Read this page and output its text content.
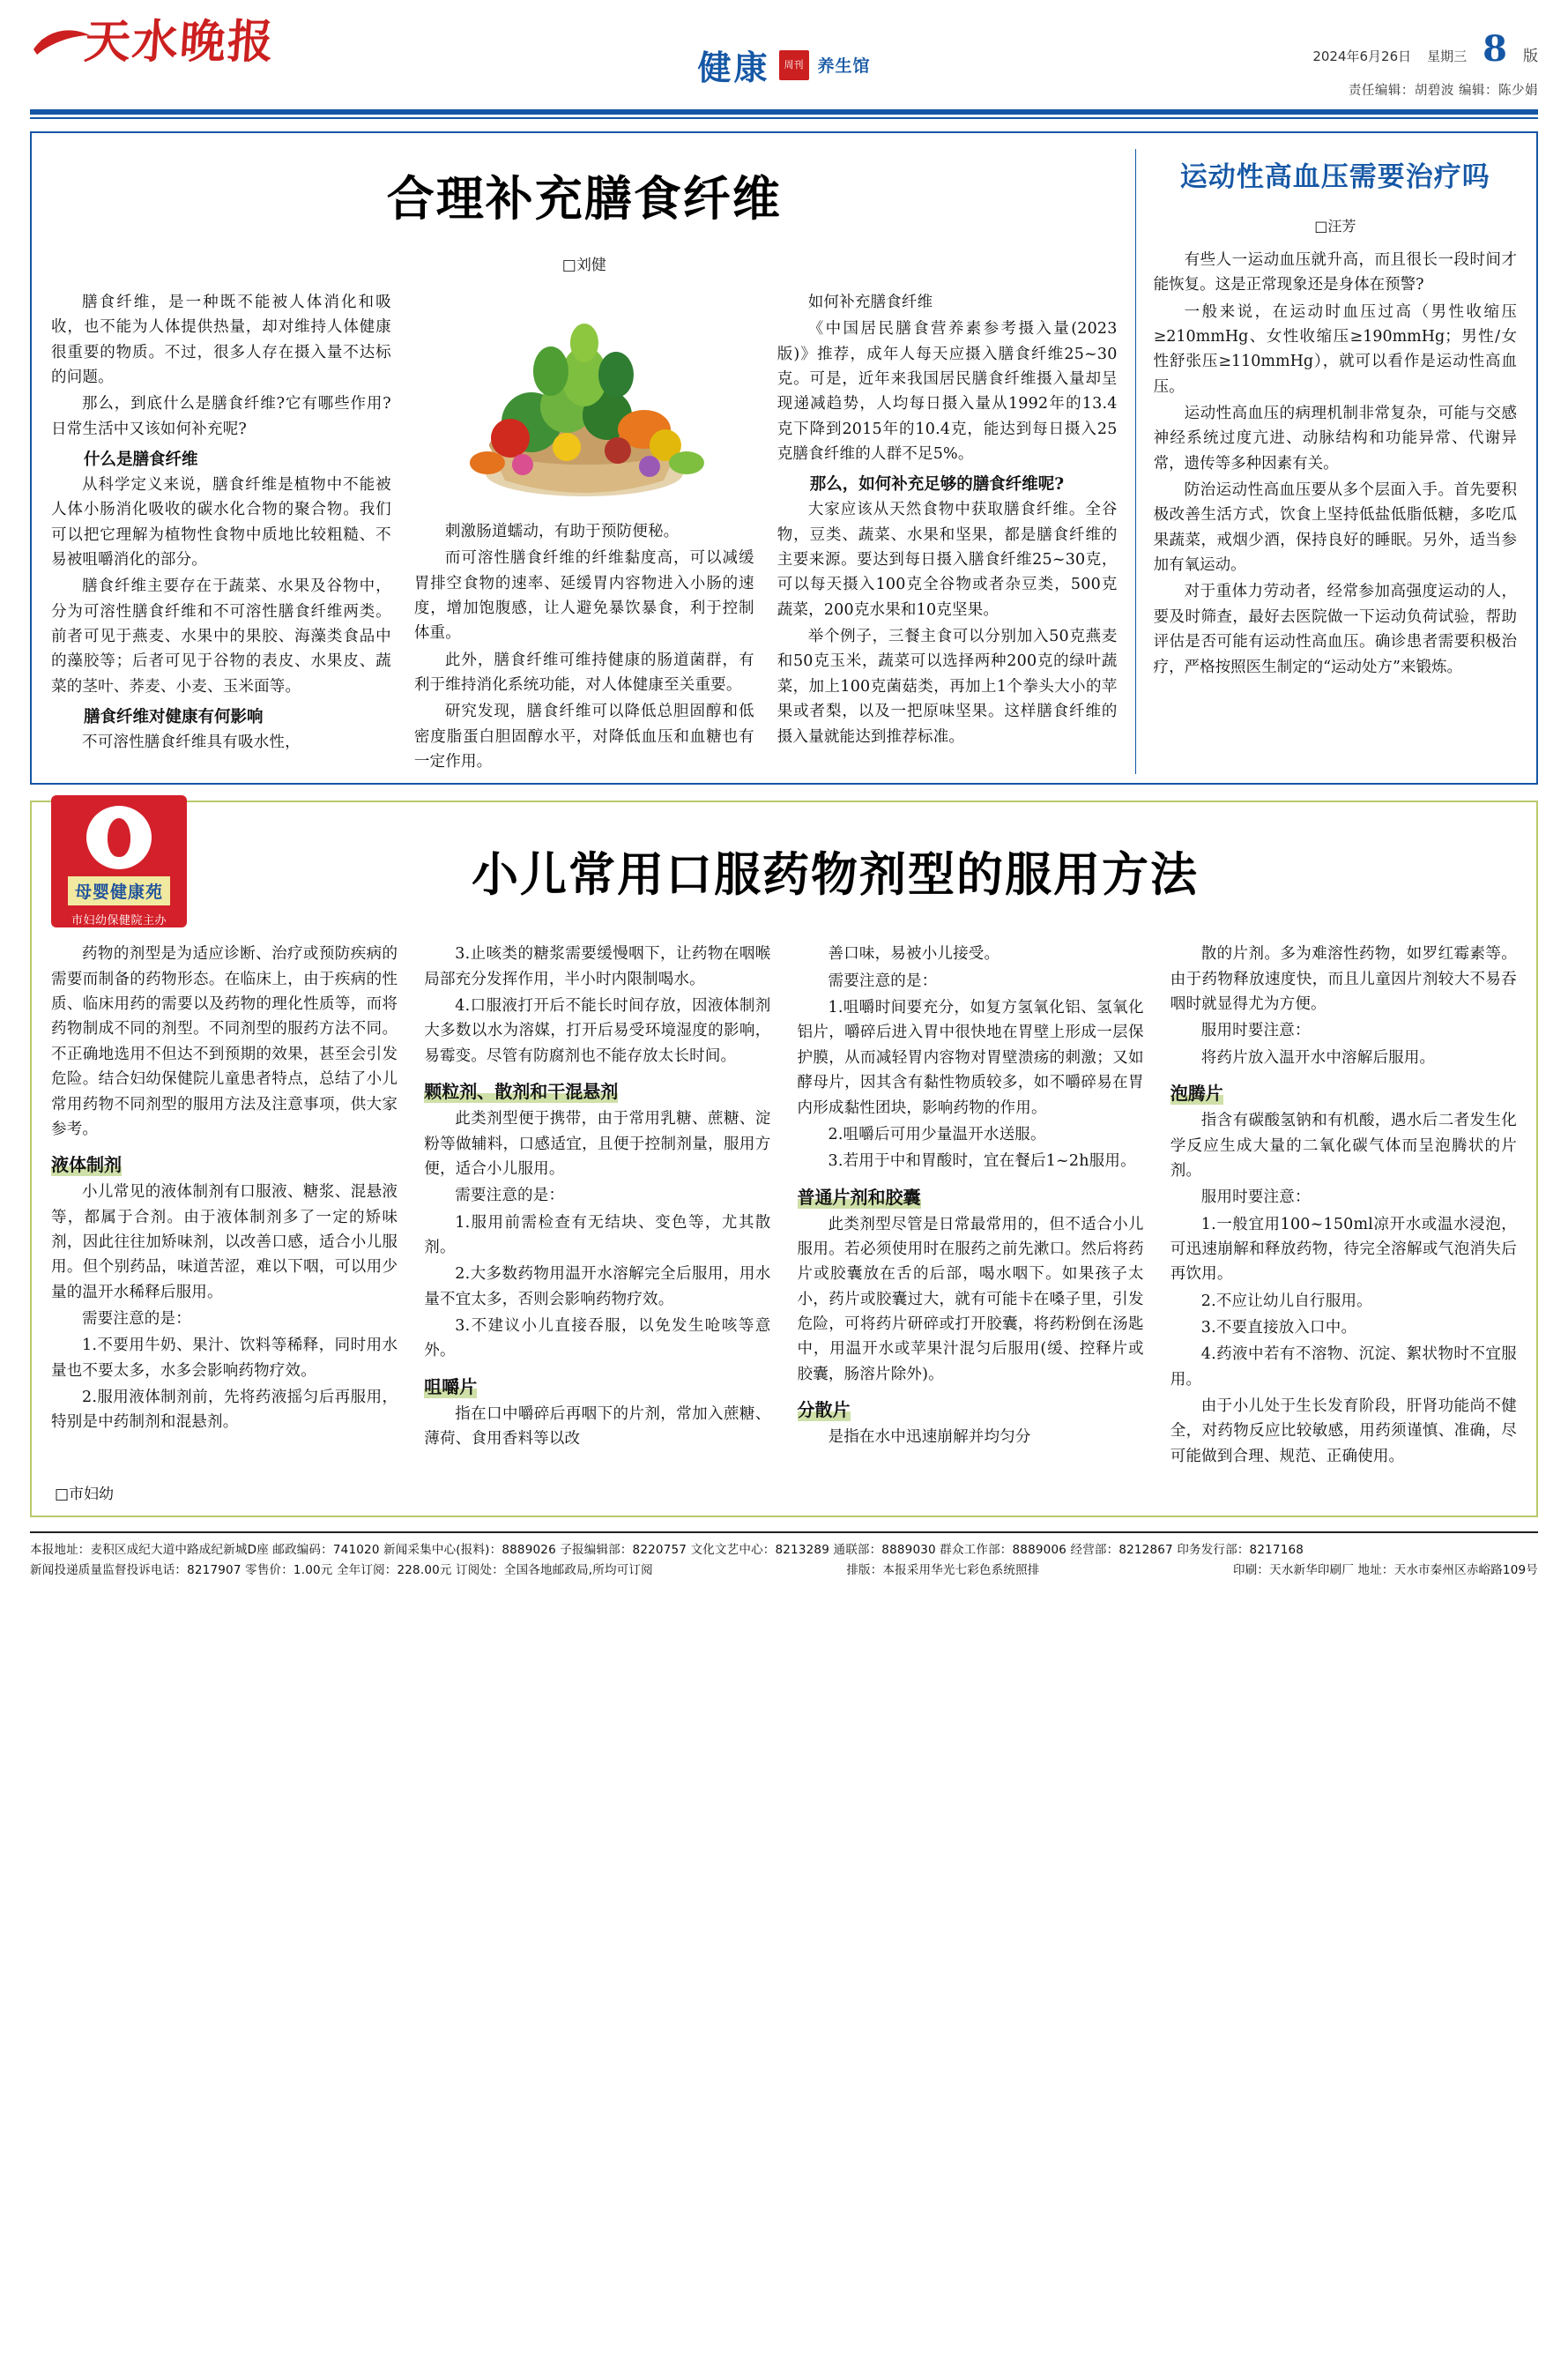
天水晚报	健康	周刊 养生馆	2024年6月26日 星期三 8 版
责任编辑：胡碧波 编辑：陈少娟
合理补充膳食纤维
□刘健

膳食纤维，是一种既不能被人体消化和吸收，也不能为人体提供热量，却对维持人体健康很重要的物质。不过，很多人存在摄入量不达标的问题。

那么，到底什么是膳食纤维?它有哪些作用?日常生活中又该如何补充呢?

什么是膳食纤维

从科学定义来说，膳食纤维是植物中不能被人体小肠消化吸收的碳水化合物的聚合物。我们可以把它理解为植物性食物中质地比较粗糙、不易被咀嚼消化的部分。

膳食纤维主要存在于蔬菜、水果及谷物中，分为可溶性膳食纤维和不可溶性膳食纤维两类。前者可见于燕麦、水果中的果胶、海藻类食品中的藻胶等；后者可见于谷物的表皮、水果皮、蔬菜的茎叶、荞麦、小麦、玉米面等。

膳食纤维对健康有何影响

不可溶性膳食纤维具有吸水性，

刺激肠道蠕动，有助于预防便秘。

而可溶性膳食纤维的纤维黏度高，可以减缓胃排空食物的速率、延缓胃内容物进入小肠的速度，增加饱腹感，让人避免暴饮暴食，利于控制体重。

此外，膳食纤维可维持健康的肠道菌群，有利于维持消化系统功能，对人体健康至关重要。

研究发现，膳食纤维可以降低总胆固醇和低密度脂蛋白胆固醇水平，对降低血压和血糖也有一定作用。

如何补充膳食纤维

《中国居民膳食营养素参考摄入量(2023版)》推荐，成年人每天应摄入膳食纤维25~30克。可是，近年来我国居民膳食纤维摄入量却呈现递减趋势，人均每日摄入量从1992年的13.4克下降到2015年的10.4克，能达到每日摄入25克膳食纤维的人群不足5%。

那么，如何补充足够的膳食纤维呢?

大家应该从天然食物中获取膳食纤维。全谷物，豆类、蔬菜、水果和坚果，都是膳食纤维的主要来源。要达到每日摄入膳食纤维25~30克，可以每天摄入100克全谷物或者杂豆类，500克蔬菜，200克水果和10克坚果。

举个例子，三餐主食可以分别加入50克燕麦和50克玉米，蔬菜可以选择两种200克的绿叶蔬菜，加上100克菌菇类，再加上1个拳头大小的苹果或者梨，以及一把原味坚果。这样膳食纤维的摄入量就能达到推荐标准。

运动性高血压需要治疗吗
□汪芳

有些人一运动血压就升高，而且很长一段时间才能恢复。这是正常现象还是身体在预警?

一般来说，在运动时血压过高（男性收缩压≥210mmHg、女性收缩压≥190mmHg；男性/女性舒张压≥110mmHg），就可以看作是运动性高血压。

运动性高血压的病理机制非常复杂，可能与交感神经系统过度亢进、动脉结构和功能异常、代谢异常，遗传等多种因素有关。

防治运动性高血压要从多个层面入手。首先要积极改善生活方式，饮食上坚持低盐低脂低糖，多吃瓜果蔬菜，戒烟少酒，保持良好的睡眠。另外，适当参加有氧运动。

对于重体力劳动者，经常参加高强度运动的人，要及时筛查，最好去医院做一下运动负荷试验，帮助评估是否可能有运动性高血压。确诊患者需要积极治疗，严格按照医生制定的“运动处方”来锻炼。

母婴健康苑
市妇幼保健院主办
小儿常用口服药物剂型的服用方法

药物的剂型是为适应诊断、治疗或预防疾病的需要而制备的药物形态。在临床上，由于疾病的性质、临床用药的需要以及药物的理化性质等，而将药物制成不同的剂型。不同剂型的服药方法不同。不正确地选用不但达不到预期的效果，甚至会引发危险。结合妇幼保健院儿童患者特点，总结了小儿常用药物不同剂型的服用方法及注意事项，供大家参考。

液体制剂

小儿常见的液体制剂有口服液、糖浆、混悬液等，都属于合剂。由于液体制剂多了一定的矫味剂，因此往往加矫味剂，以改善口感，适合小儿服用。但个别药品，味道苦涩，难以下咽，可以用少量的温开水稀释后服用。

需要注意的是：

1.不要用牛奶、果汁、饮料等稀释，同时用水量也不要太多，水多会影响药物疗效。

2.服用液体制剂前，先将药液摇匀后再服用，特别是中药制剂和混悬剂。

3.止咳类的糖浆需要缓慢咽下，让药物在咽喉局部充分发挥作用，半小时内限制喝水。

4.口服液打开后不能长时间存放，因液体制剂大多数以水为溶媒，打开后易受环境湿度的影响，易霉变。尽管有防腐剂也不能存放太长时间。

颗粒剂、散剂和干混悬剂

此类剂型便于携带，由于常用乳糖、蔗糖、淀粉等做辅料，口感适宜，且便于控制剂量，服用方便，适合小儿服用。

需要注意的是：

1.服用前需检查有无结块、变色等，尤其散剂。

2.大多数药物用温开水溶解完全后服用，用水量不宜太多，否则会影响药物疗效。

3.不建议小儿直接吞服，以免发生呛咳等意外。

咀嚼片

指在口中嚼碎后再咽下的片剂，常加入蔗糖、薄荷、食用香料等以改

善口味，易被小儿接受。

需要注意的是：

1.咀嚼时间要充分，如复方氢氧化铝、氢氧化铝片，嚼碎后进入胃中很快地在胃壁上形成一层保护膜，从而减轻胃内容物对胃壁溃疡的刺激；又如酵母片，因其含有黏性物质较多，如不嚼碎易在胃内形成黏性团块，影响药物的作用。

2.咀嚼后可用少量温开水送服。

3.若用于中和胃酸时，宜在餐后1~2h服用。

普通片剂和胶囊

此类剂型尽管是日常最常用的，但不适合小儿服用。若必须使用时在服药之前先漱口。然后将药片或胶囊放在舌的后部，喝水咽下。如果孩子太小，药片或胶囊过大，就有可能卡在嗓子里，引发危险，可将药片研碎或打开胶囊，将药粉倒在汤匙中，用温开水或苹果汁混匀后服用(缓、控释片或胶囊，肠溶片除外)。

分散片

是指在水中迅速崩解并均匀分

散的片剂。多为难溶性药物，如罗红霉素等。由于药物释放速度快，而且儿童因片剂较大不易吞咽时就显得尤为方便。

服用时要注意：

将药片放入温开水中溶解后服用。

泡腾片

指含有碳酸氢钠和有机酸，遇水后二者发生化学反应生成大量的二氧化碳气体而呈泡腾状的片剂。

服用时要注意：

1.一般宜用100~150ml凉开水或温水浸泡，可迅速崩解和释放药物，待完全溶解或气泡消失后再饮用。

2.不应让幼儿自行服用。

3.不要直接放入口中。

4.药液中若有不溶物、沉淀、絮状物时不宜服用。

由于小儿处于生长发育阶段，肝肾功能尚不健全，对药物反应比较敏感，用药须谨慎、准确，尽可能做到合理、规范、正确使用。

□市妇幼
本报地址：麦积区成纪大道中路成纪新城D座 邮政编码：741020 新闻采集中心(报料)：8889026 子报编辑部：8220757 文化文艺中心：8213289 通联部：8889030 群众工作部：8889006 经营部：8212867 印务发行部：8217168
新闻投递质量监督投诉电话：8217907 零售价：1.00元 全年订阅：228.00元 订阅处：全国各地邮政局,所均可订阅	排版：本报采用华光七彩色系统照排	印刷：天水新华印刷厂 地址：天水市秦州区赤峪路109号
